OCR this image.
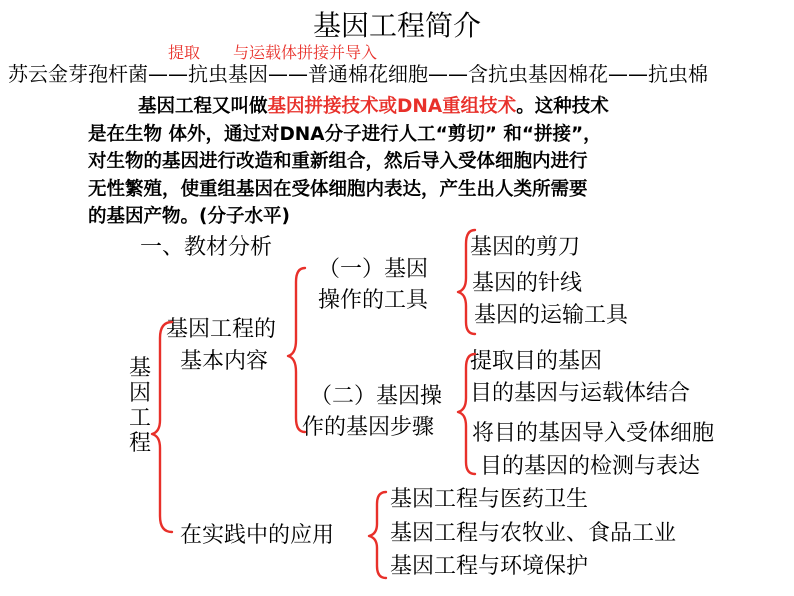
基因工程简介
提取 与运载体拼接并导入
苏云金芽孢杆菌——抗虫基因——普通棉花细胞——含抗虫基因棉花——抗虫棉

基因工程又叫做基因拼接技术或DNA重组技术。这种技术

是在生物 体外，通过对DNA分子进行人工“剪切” 和“拼接”，

对生物的基因进行改造和重新组合，然后导入受体细胞内进行

无性繁殖，使重组基因在受体细胞内表达，产生出人类所需要

的基因产物。(分子水平)

一、教材分析
基因工程
基因工程的
基本内容
（一）基因
操作的工具
基因的剪刀
基因的针线
基因的运输工具
（二）基因操
作的基因步骤
提取目的基因
目的基因与运载体结合
将目的基因导入受体细胞
目的基因的检测与表达
在实践中的应用
基因工程与医药卫生
基因工程与农牧业、食品工业
基因工程与环境保护
